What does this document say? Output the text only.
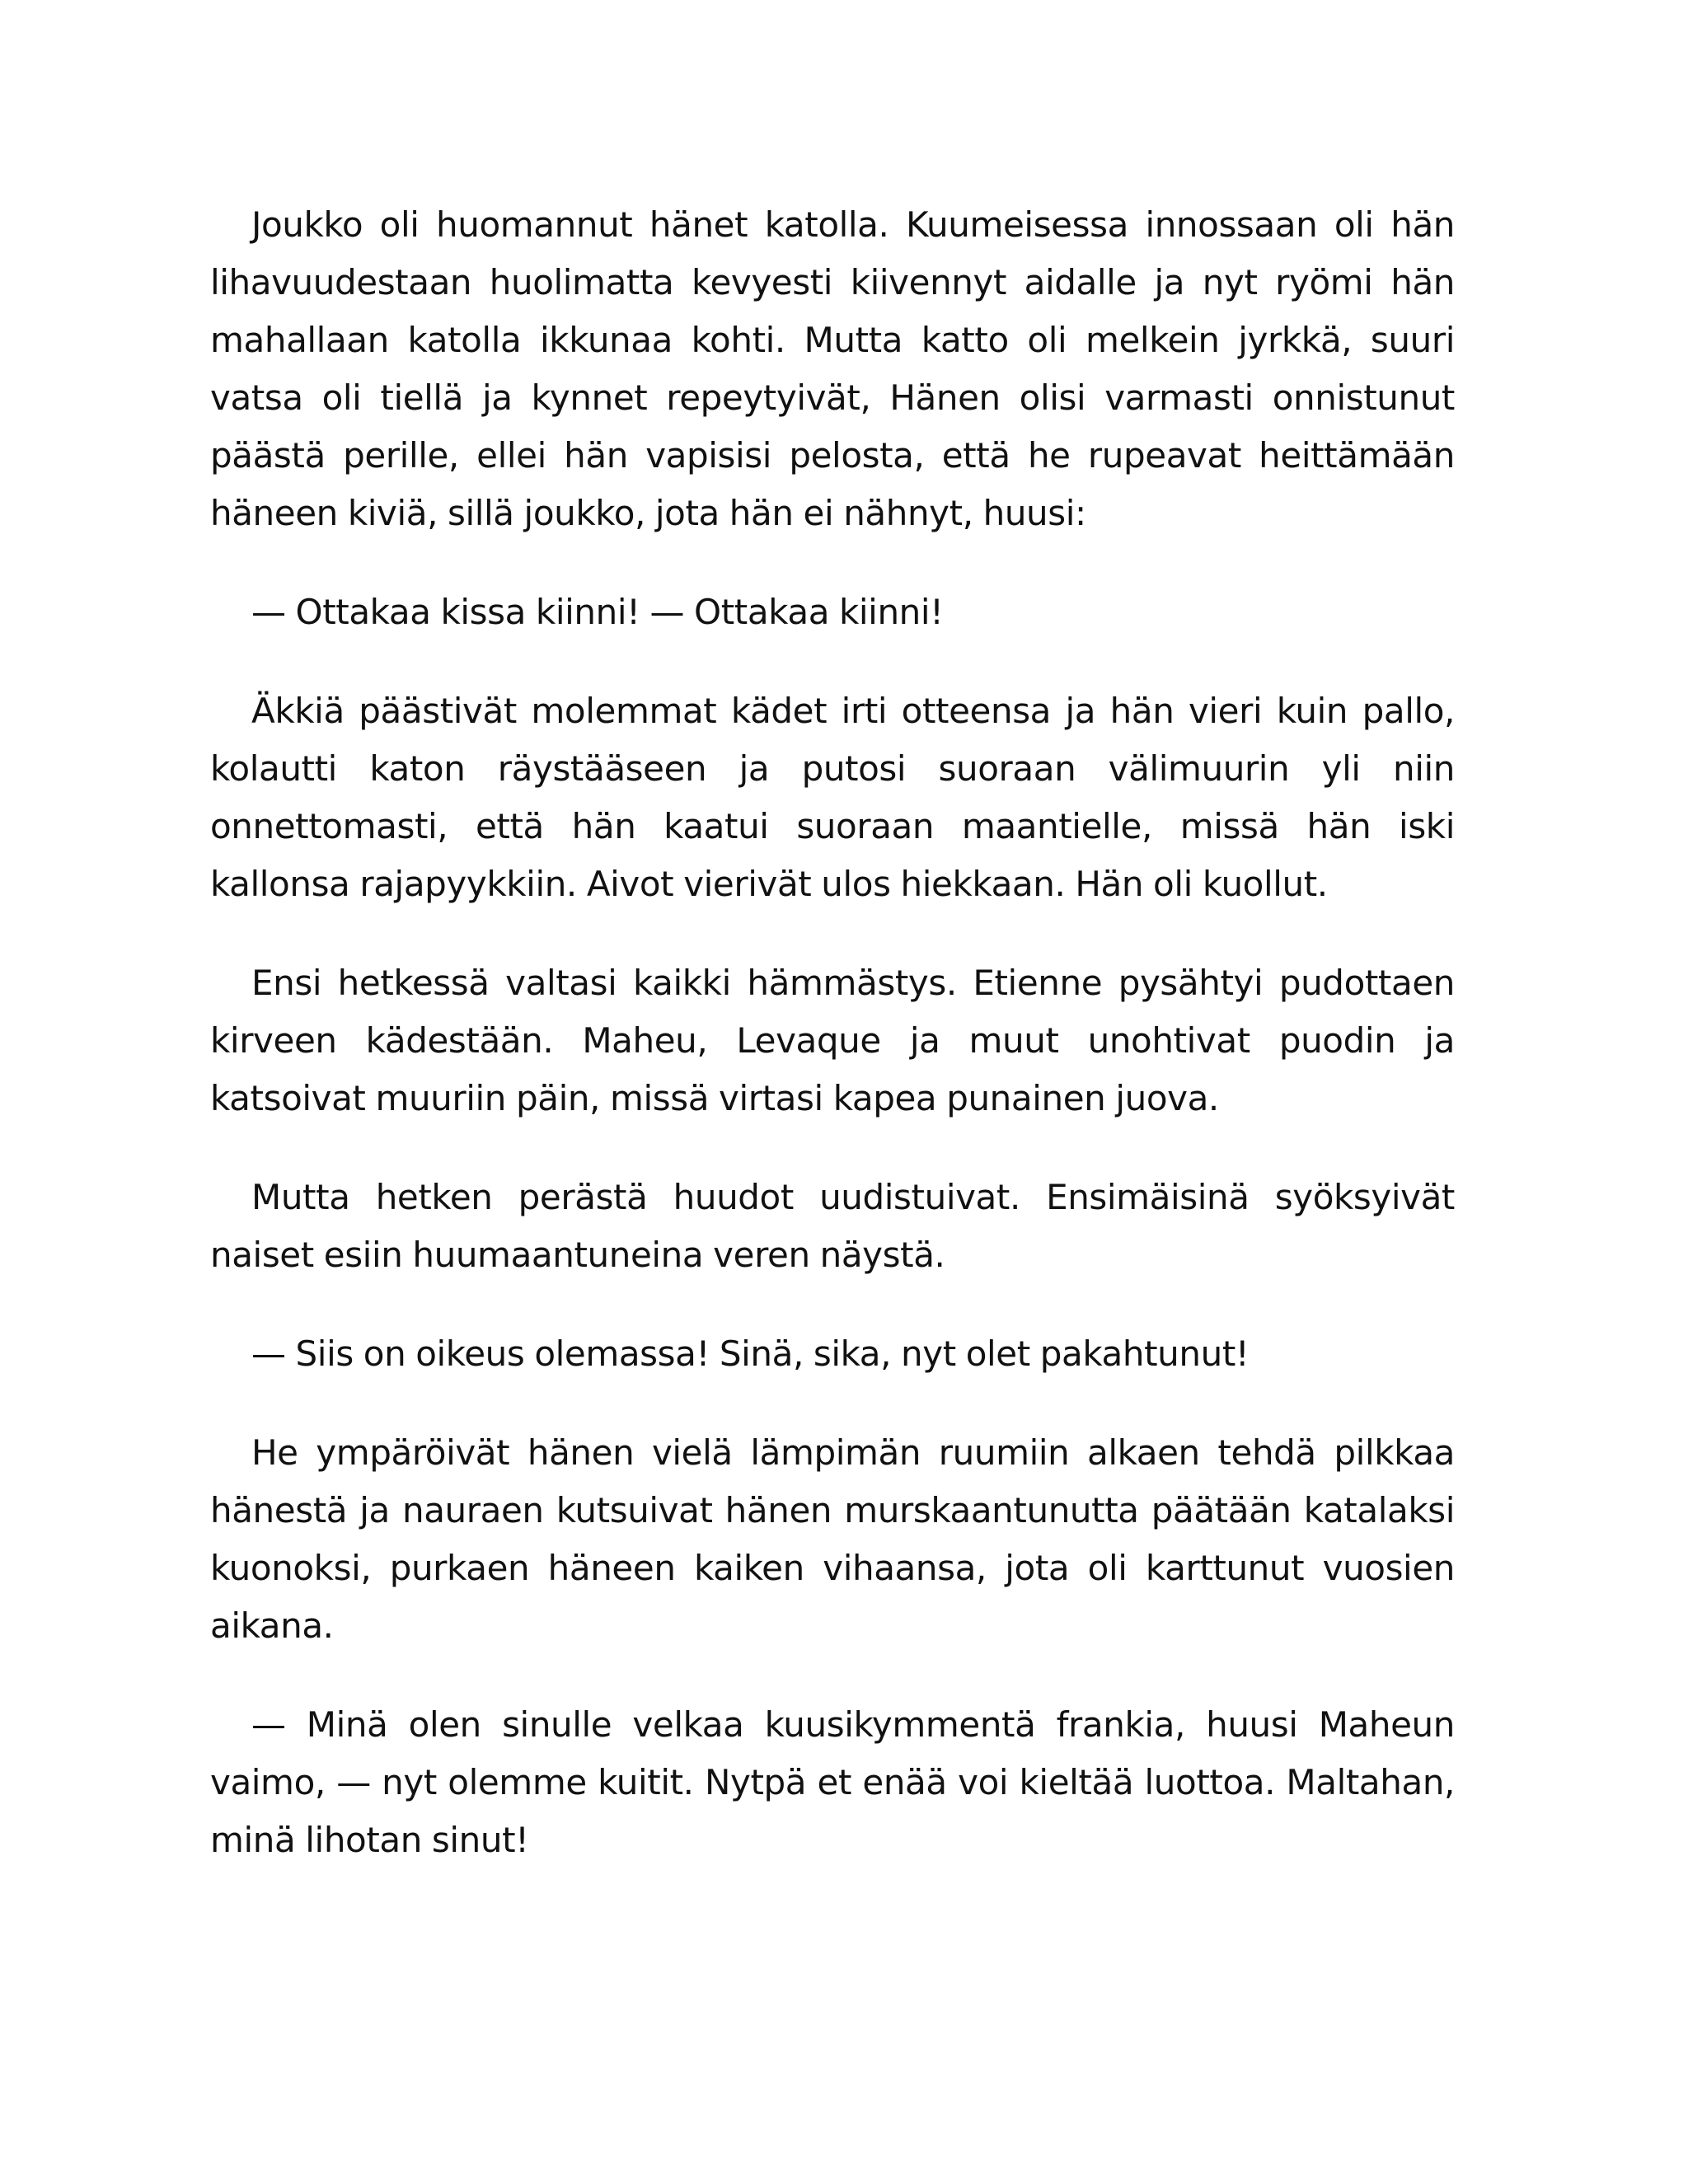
Joukko oli huomannut hänet katolla. Kuumeisessa innossaan oli hän lihavuudestaan huolimatta kevyesti kiivennyt aidalle ja nyt ryömi hän mahallaan katolla ikkunaa kohti. Mutta katto oli melkein jyrkkä, suuri vatsa oli tiellä ja kynnet repeytyivät, Hänen olisi varmasti onnistunut päästä perille, ellei hän vapisisi pelosta, että he rupeavat heittämään häneen kiviä, sillä joukko, jota hän ei nähnyt, huusi:

— Ottakaa kissa kiinni! — Ottakaa kiinni!

Äkkiä päästivät molemmat kädet irti otteensa ja hän vieri kuin pallo, kolautti katon räystääseen ja putosi suoraan välimuurin yli niin onnettomasti, että hän kaatui suoraan maantielle, missä hän iski kallonsa rajapyykkiin. Aivot vierivät ulos hiekkaan. Hän oli kuollut.

Ensi hetkessä valtasi kaikki hämmästys. Etienne pysähtyi pudottaen kirveen kädestään. Maheu, Levaque ja muut unohtivat puodin ja katsoivat muuriin päin, missä virtasi kapea punainen juova.

Mutta hetken perästä huudot uudistuivat. Ensimäisinä syöksyivät naiset esiin huumaantuneina veren näystä.

— Siis on oikeus olemassa! Sinä, sika, nyt olet pakahtunut!

He ympäröivät hänen vielä lämpimän ruumiin alkaen tehdä pilkkaa hänestä ja nauraen kutsuivat hänen murskaantunutta päätään katalaksi kuonoksi, purkaen häneen kaiken vihaansa, jota oli karttunut vuosien aikana.

— Minä olen sinulle velkaa kuusikymmentä frankia, huusi Maheun vaimo, — nyt olemme kuitit. Nytpä et enää voi kieltää luottoa. Maltahan, minä lihotan sinut!
